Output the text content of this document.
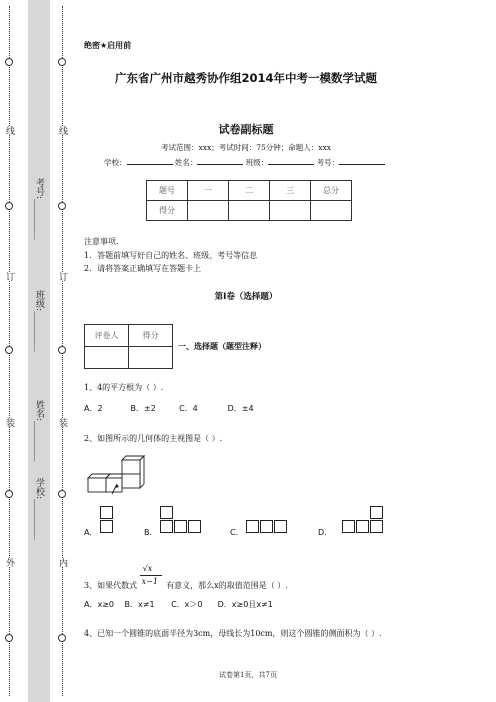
考号:_________
班级:_________
姓名:_________
学校:_________
线
订
装
外
线
订
装
内
绝密★启用前
广东省广州市越秀协作组2014年中考一模数学试题
试卷副标题
考试范围：xxx；考试时间：75分钟；命题人：xxx
学校：	姓名：	班级：	考号：
题号	一	二	三	总分
得分				
注意事项.
1．答题前填写好自己的姓名、班级、考号等信息
2．请将答案正确填写在答题卡上
第I卷（选择题）
评卷人	得分

一、选择题（题型注释）
1、4的平方根为（ ）.
A．2	B．±2	C．4	D．±4
2、如图所示的几何体的主视图是（ ）.
A.	B.	C.	D.
3、如果代数式 $\frac{√x}{x-1}$ 有意义，那么x的取值范围是（ ）.
A．x≥0 B．x≠1 C．x＞0 D．x≥0且x≠1
4、已知一个圆锥的底面半径为3cm，母线长为10cm，则这个圆锥的侧面积为（ ）.
试卷第1页，共7页
